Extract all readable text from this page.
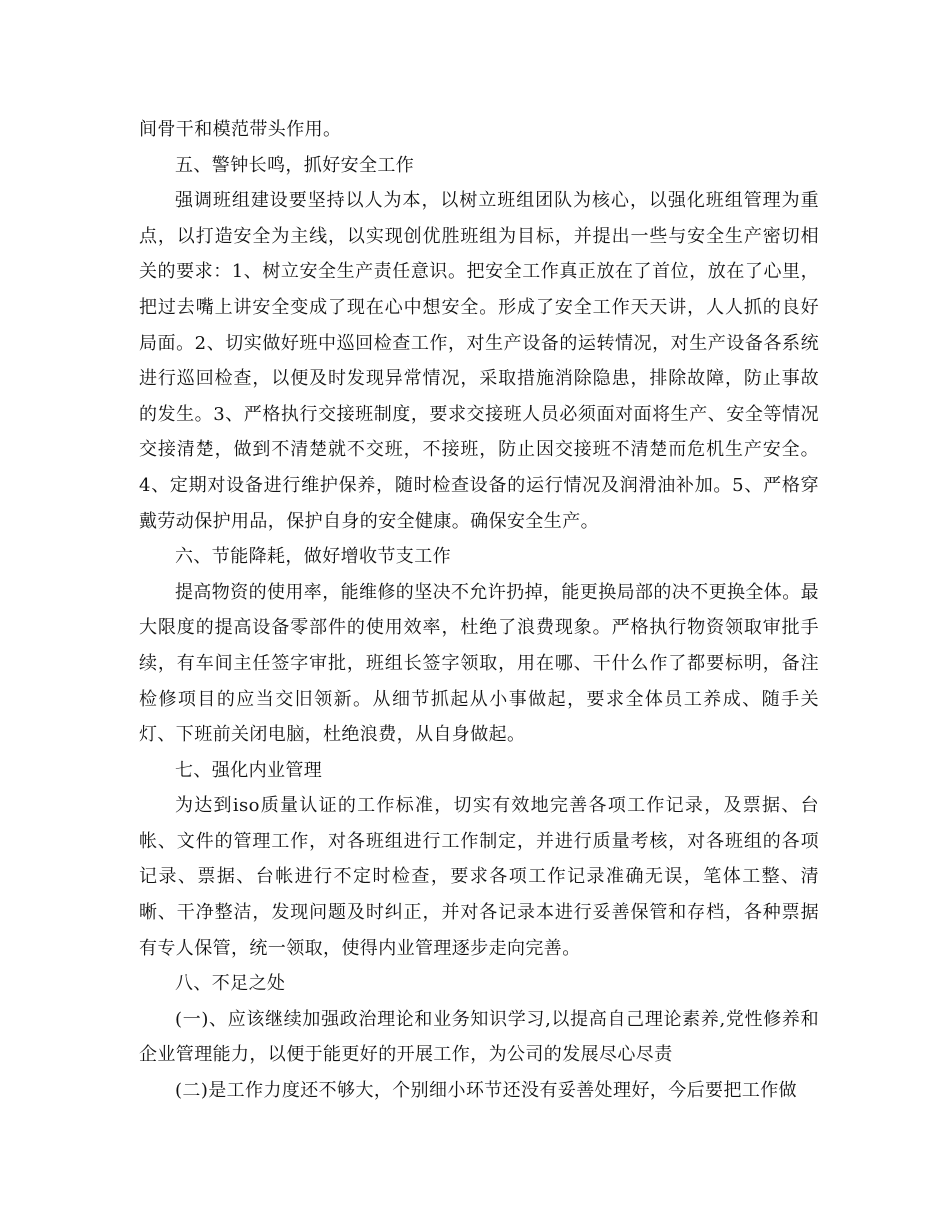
间骨干和模范带头作用。

五、警钟长鸣，抓好安全工作

强调班组建设要坚持以人为本，以树立班组团队为核心，以强化班组管理为重点，以打造安全为主线，以实现创优胜班组为目标，并提出一些与安全生产密切相关的要求：1、树立安全生产责任意识。把安全工作真正放在了首位，放在了心里，把过去嘴上讲安全变成了现在心中想安全。形成了安全工作天天讲，人人抓的良好局面。2、切实做好班中巡回检查工作，对生产设备的运转情况，对生产设备各系统进行巡回检查，以便及时发现异常情况，采取措施消除隐患，排除故障，防止事故的发生。3、严格执行交接班制度，要求交接班人员必须面对面将生产、安全等情况交接清楚，做到不清楚就不交班，不接班，防止因交接班不清楚而危机生产安全。4、定期对设备进行维护保养，随时检查设备的运行情况及润滑油补加。5、严格穿戴劳动保护用品，保护自身的安全健康。确保安全生产。

六、节能降耗，做好增收节支工作

提高物资的使用率，能维修的坚决不允许扔掉，能更换局部的决不更换全体。最大限度的提高设备零部件的使用效率，杜绝了浪费现象。严格执行物资领取审批手续，有车间主任签字审批，班组长签字领取，用在哪、干什么作了都要标明，备注检修项目的应当交旧领新。从细节抓起从小事做起，要求全体员工养成、随手关灯、下班前关闭电脑，杜绝浪费，从自身做起。

七、强化内业管理

为达到iso质量认证的工作标准，切实有效地完善各项工作记录，及票据、台帐、文件的管理工作，对各班组进行工作制定，并进行质量考核，对各班组的各项记录、票据、台帐进行不定时检查，要求各项工作记录准确无误，笔体工整、清晰、干净整洁，发现问题及时纠正，并对各记录本进行妥善保管和存档，各种票据有专人保管，统一领取，使得内业管理逐步走向完善。

八、不足之处

(一)、应该继续加强政治理论和业务知识学习,以提高自己理论素养,党性修养和企业管理能力，以便于能更好的开展工作，为公司的发展尽心尽责

(二)是工作力度还不够大，个别细小环节还没有妥善处理好，今后要把工作做
